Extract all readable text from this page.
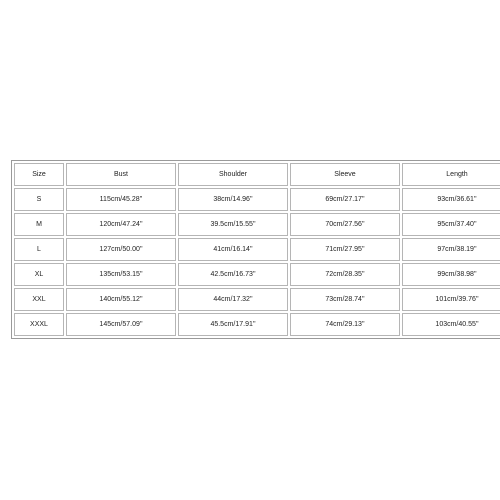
Size	Bust	Shoulder	Sleeve	Length
S	115cm/45.28''	38cm/14.96''	69cm/27.17''	93cm/36.61''
M	120cm/47.24''	39.5cm/15.55''	70cm/27.56''	95cm/37.40''
L	127cm/50.00''	41cm/16.14''	71cm/27.95''	97cm/38.19''
XL	135cm/53.15''	42.5cm/16.73''	72cm/28.35''	99cm/38.98''
XXL	140cm/55.12''	44cm/17.32''	73cm/28.74''	101cm/39.76''
XXXL	145cm/57.09''	45.5cm/17.91''	74cm/29.13''	103cm/40.55''
